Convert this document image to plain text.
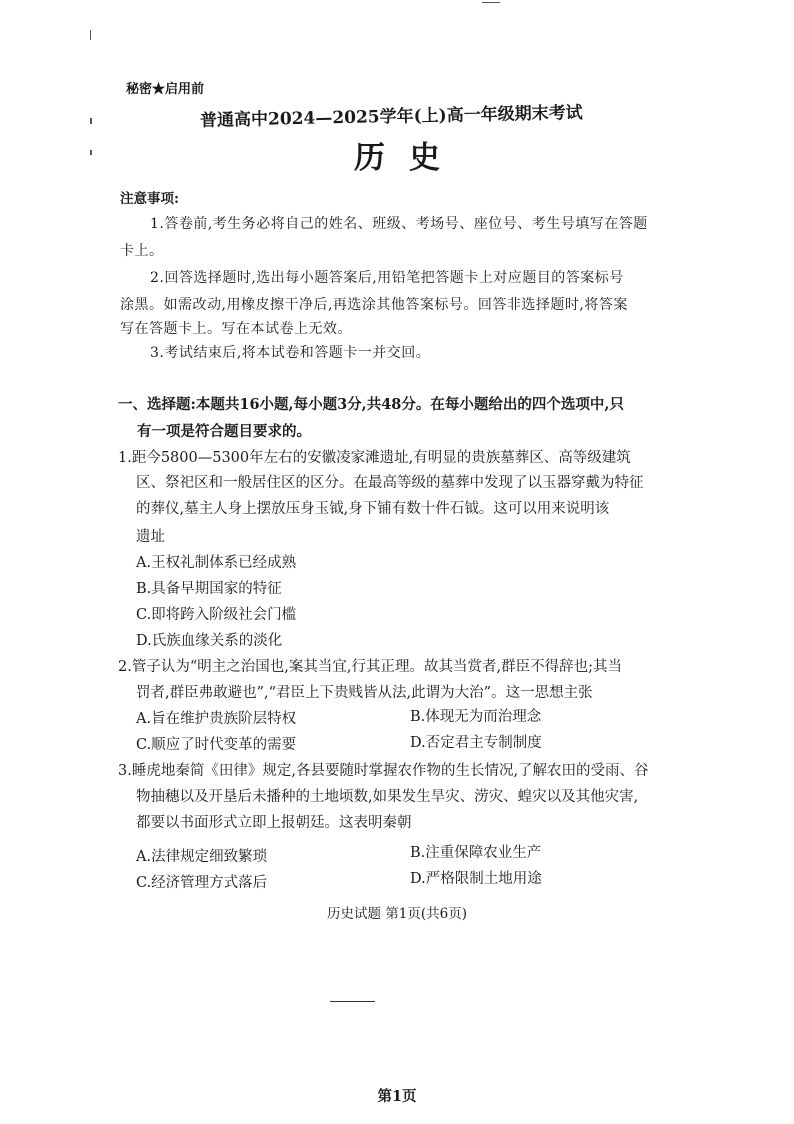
秘密★启用前
普通高中2024—2025学年(上)高一年级期末考试
历史
注意事项:
1.答卷前,考生务必将自己的姓名、班级、考场号、座位号、考生号填写在答题
卡上。
2.回答选择题时,选出每小题答案后,用铅笔把答题卡上对应题目的答案标号
涂黑。如需改动,用橡皮擦干净后,再选涂其他答案标号。回答非选择题时,将答案
写在答题卡上。写在本试卷上无效。
3.考试结束后,将本试卷和答题卡一并交回。
一、选择题:本题共16小题,每小题3分,共48分。在每小题给出的四个选项中,只
有一项是符合题目要求的。
1.距今5800—5300年左右的安徽凌家滩遗址,有明显的贵族墓葬区、高等级建筑
区、祭祀区和一般居住区的区分。在最高等级的墓葬中发现了以玉器穿戴为特征
的葬仪,墓主人身上摆放压身玉钺,身下铺有数十件石钺。这可以用来说明该
遗址
A.王权礼制体系已经成熟
B.具备早期国家的特征
C.即将跨入阶级社会门槛
D.氏族血缘关系的淡化
2.管子认为“明主之治国也,案其当宜,行其正理。故其当赏者,群臣不得辞也;其当
罚者,群臣弗敢避也”,“君臣上下贵贱皆从法,此谓为大治”。这一思想主张
A.旨在维护贵族阶层特权	B.体现无为而治理念
C.顺应了时代变革的需要	D.否定君主专制制度
3.睡虎地秦简《田律》规定,各县要随时掌握农作物的生长情况,了解农田的受雨、谷
物抽穗以及开垦后未播种的土地顷数,如果发生旱灾、涝灾、蝗灾以及其他灾害,
都要以书面形式立即上报朝廷。这表明秦朝
A.法律规定细致繁琐	B.注重保障农业生产
C.经济管理方式落后	D.严格限制土地用途
历史试题 第1页(共6页)
第1页
